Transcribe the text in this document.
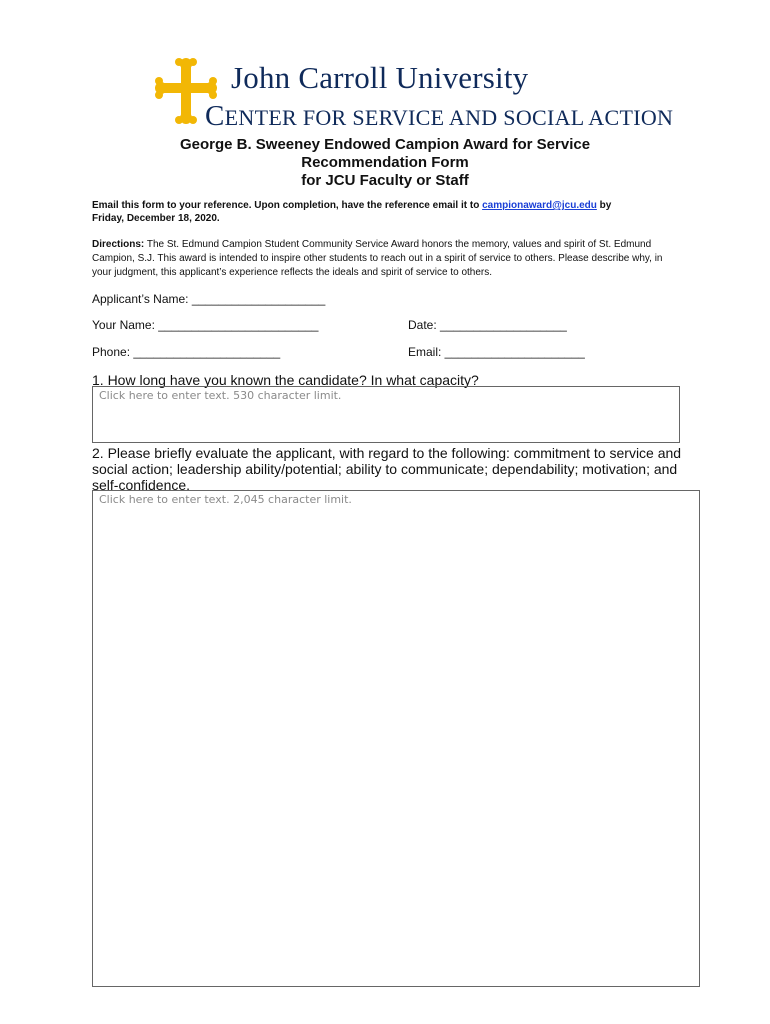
John Carroll University
CENTER FOR SERVICE AND SOCIAL ACTION
George B. Sweeney Endowed Campion Award for Service
Recommendation Form
for JCU Faculty or Staff
Email this form to your reference. Upon completion, have the reference email it to campionaward@jcu.edu by
Friday, December 18, 2020.
Directions: The St. Edmund Campion Student Community Service Award honors the memory, values and spirit of St. Edmund Campion, S.J. This award is intended to inspire other students to reach out in a spirit of service to others. Please describe why, in your judgment, this applicant’s experience reflects the ideals and spirit of service to others.
Applicant’s Name: ____________________
Your Name: ________________________	Date: ___________________
Phone: ______________________	Email: _____________________
1. How long have you known the candidate? In what capacity?
Click here to enter text. 530 character limit.
2. Please briefly evaluate the applicant, with regard to the following: commitment to service and social action; leadership ability/potential; ability to communicate; dependability; motivation; and self-confidence.
Click here to enter text. 2,045 character limit.
